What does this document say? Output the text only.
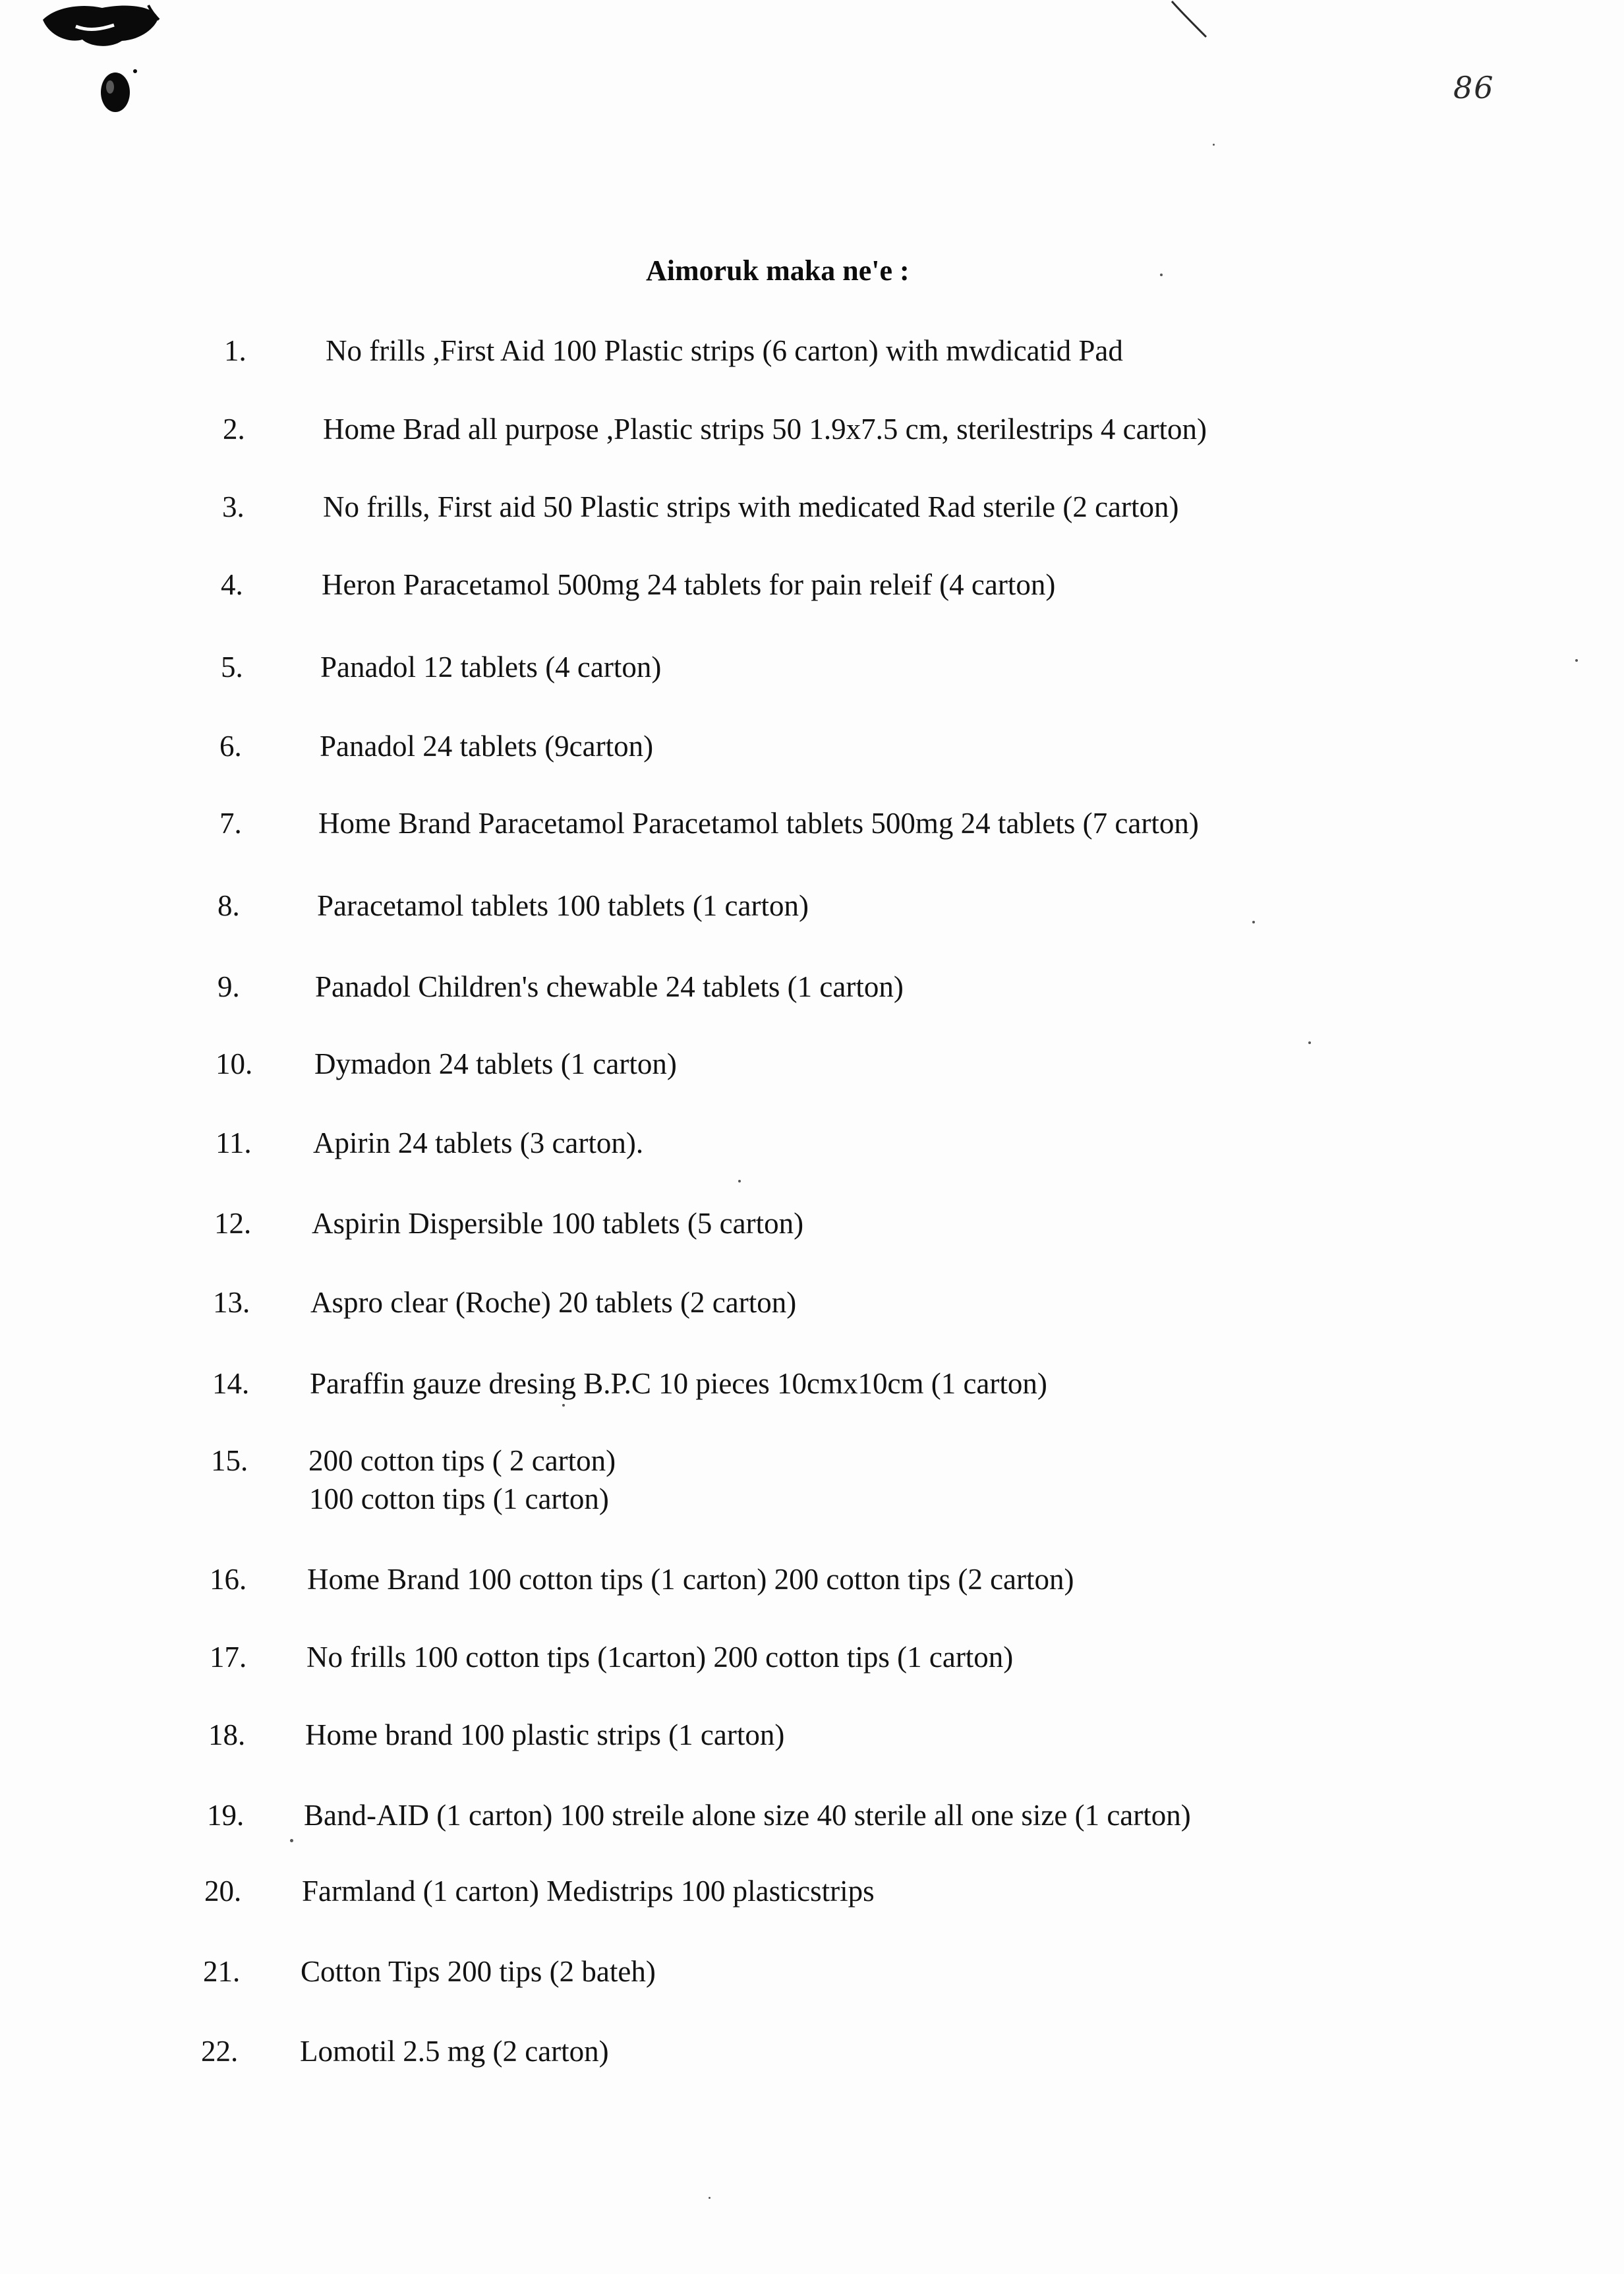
86
Aimoruk maka ne'e :
1.	No frills ,First Aid 100 Plastic strips (6 carton) with mwdicatid Pad
2.	Home Brad all purpose ,Plastic strips 50 1.9x7.5 cm, sterilestrips 4 carton)
3.	No frills, First aid 50 Plastic strips with medicated Rad sterile (2 carton)
4.	Heron Paracetamol 500mg 24 tablets for pain releif (4 carton)
5.	Panadol 12 tablets (4 carton)
6.	Panadol 24 tablets (9carton)
7.	Home Brand Paracetamol Paracetamol tablets 500mg 24 tablets (7 carton)
8.	Paracetamol tablets 100 tablets (1 carton)
9.	Panadol Children's chewable 24 tablets (1 carton)
10. Dymadon 24 tablets (1 carton)
11. Apirin 24 tablets (3 carton).
12. Aspirin Dispersible 100 tablets (5 carton)
13. Aspro clear (Roche) 20 tablets (2 carton)
14. Paraffin gauze dresing B.P.C 10 pieces 10cmx10cm (1 carton)
15. 200 cotton tips ( 2 carton)
100 cotton tips (1 carton)
16. Home Brand 100 cotton tips (1 carton) 200 cotton tips (2 carton)
17. No frills 100 cotton tips (1carton) 200 cotton tips (1 carton)
18. Home brand 100 plastic strips (1 carton)
19. Band-AID (1 carton) 100 streile alone size 40 sterile all one size (1 carton)
20. Farmland (1 carton) Medistrips 100 plasticstrips
21. Cotton Tips 200 tips (2 bateh)
22. Lomotil 2.5 mg (2 carton)
